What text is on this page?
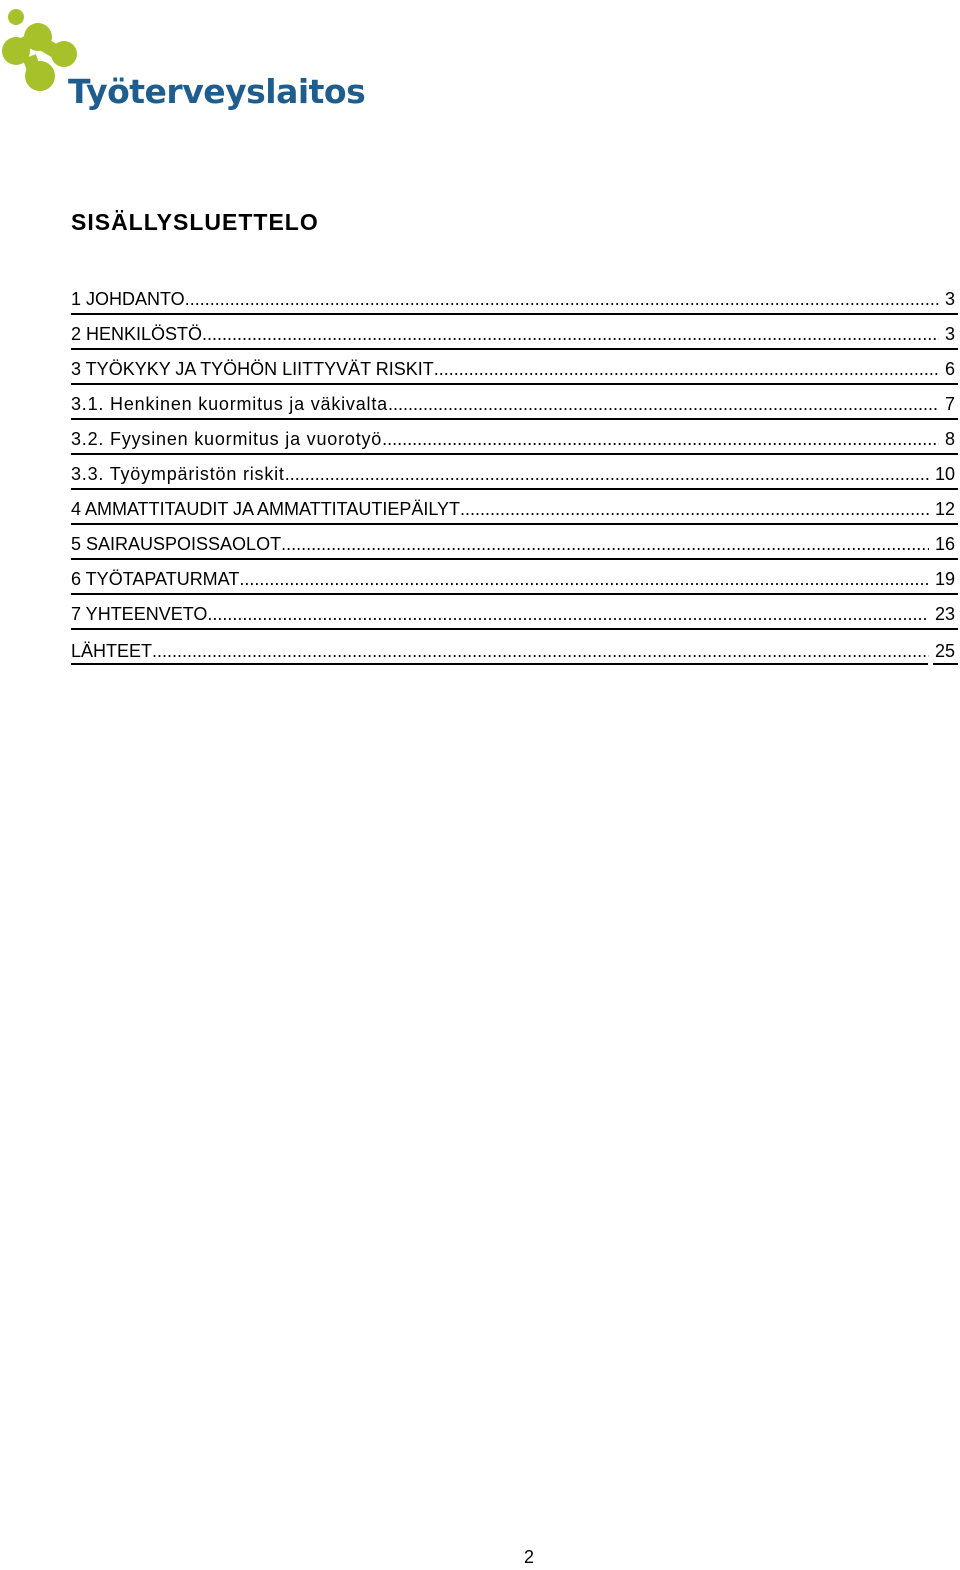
Työterveyslaitos
SISÄLLYSLUETTELO
1 JOHDANTO .....	3
2 HENKILÖSTÖ .....	3
3 TYÖKYKY JA TYÖHÖN LIITTYVÄT RISKIT .....	6
3.1. Henkinen kuormitus ja väkivalta .....	7
3.2. Fyysinen kuormitus ja vuorotyö .....	8
3.3. Työympäristön riskit .....	10
4 AMMATTITAUDIT JA AMMATTITAUTIEPÄILYT .....	12
5 SAIRAUSPOISSAOLOT .....	16
6 TYÖTAPATURMAT .....	19
7 YHTEENVETO .....	23
LÄHTEET .....	25
2
